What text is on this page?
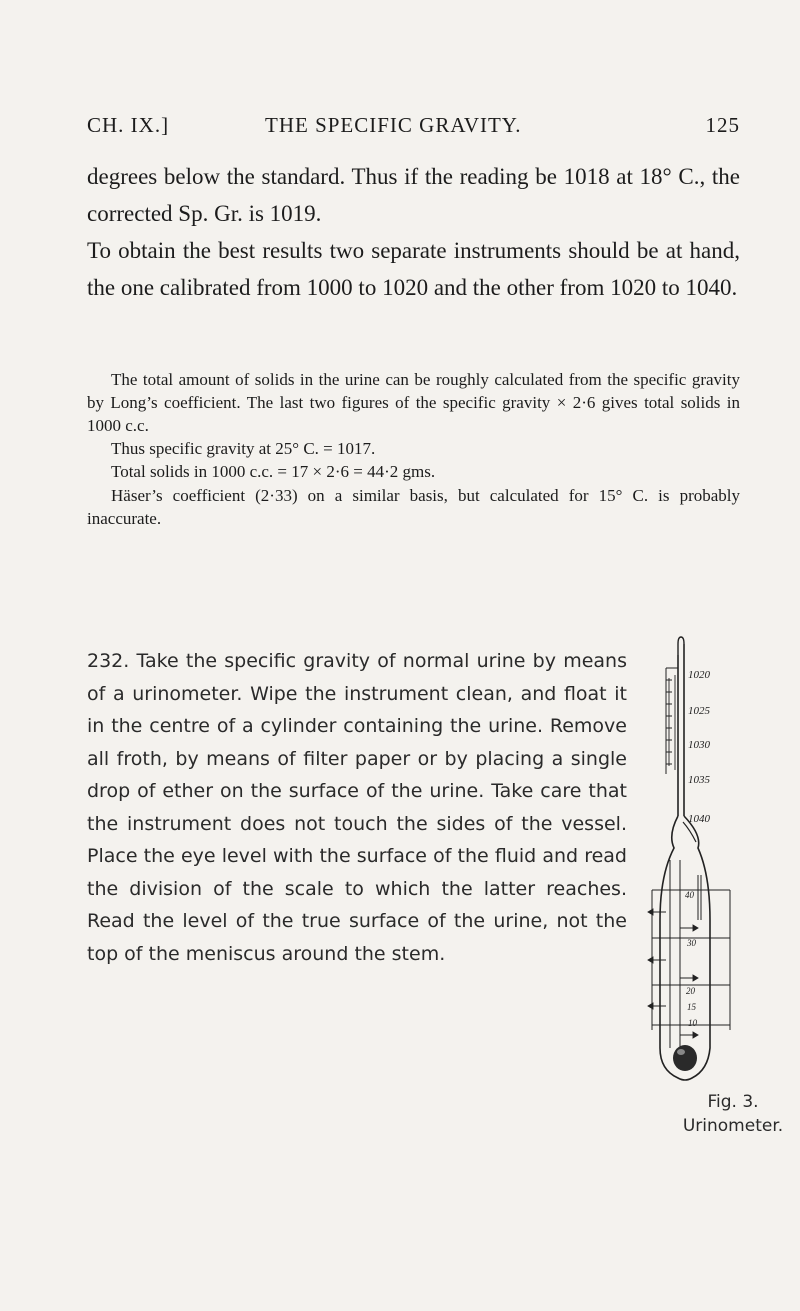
CH. IX.]	THE SPECIFIC GRAVITY.	125

degrees below the standard. Thus if the reading be 1018 at 18° C., the corrected Sp. Gr. is 1019.

To obtain the best results two separate instruments should be at hand, the one calibrated from 1000 to 1020 and the other from 1020 to 1040.

The total amount of solids in the urine can be roughly calculated from the specific gravity by Long’s coefficient. The last two figures of the specific gravity × 2·6 gives total solids in 1000 c.c.

Thus specific gravity at 25° C. = 1017.

Total solids in 1000 c.c. = 17 × 2·6 = 44·2 gms.

Häser’s coefficient (2·33) on a similar basis, but calculated for 15° C. is probably inaccurate.

232. Take the specific gravity of normal urine by means of a urinometer. Wipe the instrument clean, and float it in the centre of a cylinder containing the urine. Remove all froth, by means of filter paper or by placing a single drop of ether on the surface of the urine. Take care that the instrument does not touch the sides of the vessel. Place the eye level with the surface of the fluid and read the division of the scale to which the latter reaches. Read the level of the true surface of the urine, not the top of the meniscus around the stem.

1020
1025
1030
1035
1040
40
30
20
15
10
Fig. 3.
Urinometer.
